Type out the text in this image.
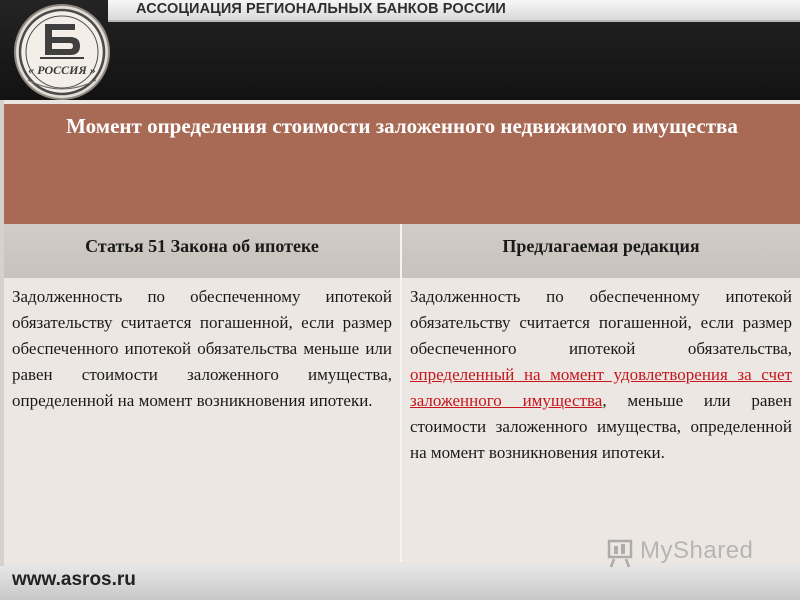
АССОЦИАЦИЯ РЕГИОНАЛЬНЫХ БАНКОВ РОССИИ
« РОССИЯ »
Момент определения стоимости заложенного недвижимого имущества
Статья 51 Закона об ипотеке	Предлагаемая редакция
Задолженность по обеспеченному ипотекой обязательству считается погашенной, если размер обеспеченного ипотекой обязательства меньше или равен стоимости заложенного имущества, определенной на момент возникновения ипотеки.
Задолженность по обеспеченному ипотекой обязательству считается погашенной, если размер обеспеченного ипотекой обязательства, определенный на момент удовлетворения за счет заложенного имущества, меньше или равен стоимости заложенного имущества, определенной на момент возникновения ипотеки.
www.asros.ru
MyShared
